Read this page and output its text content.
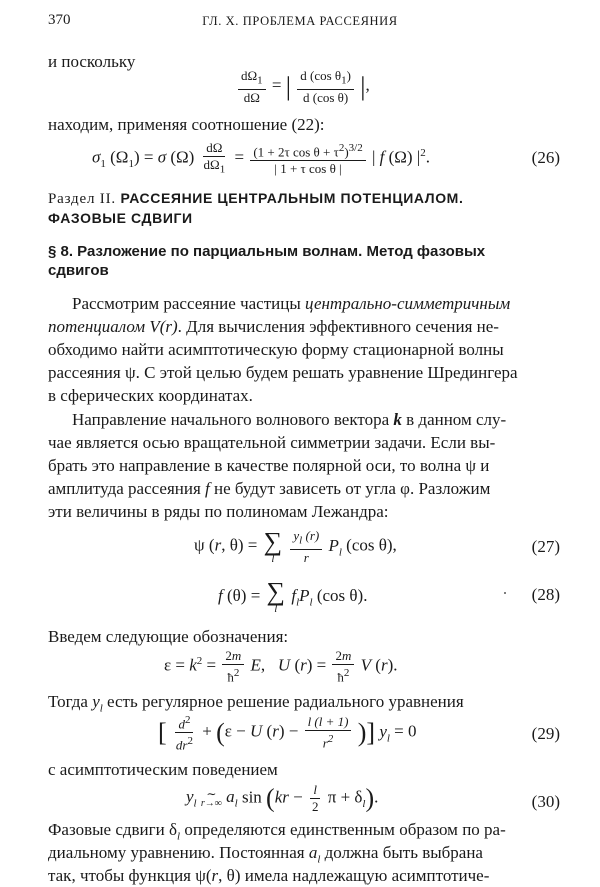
370	ГЛ. X. ПРОБЛЕМА РАССЕЯНИЯ
и поскольку
$\frac{d\Omega_1}{d\Omega}$ = | $\frac{d (\cos \theta_1)}{\text{d (cos θ)}}$ |,
находим, применяя соотношение (22):
$\sigma_1$ $(\Omega_1) = \sigma$ $(\Omega) \frac{d\Omega}{d\Omega_1} = \frac{(1 + 2\tau \cos \theta + \tau^2)^{3/2}}{\text{| 1 + τ cos θ |}}$ | f (Ω) $|^2$.	(26)
Раздел II. РАССЕЯНИЕ ЦЕНТРАЛЬНЫМ ПОТЕНЦИАЛОМ.
ФАЗОВЫЕ СДВИГИ
§ 8. Разложение по парциальным волнам. Метод фазовых
сдвигов
Рассмотрим рассеяние частицы центрально-симметричным
потенциалом V(r). Для вычисления эффективного сечения не-
обходимо найти асимптотическую форму стационарной волны
рассеяния ψ. С этой целью будем решать уравнение Шредингера
в сферических координатах.
Направление начального волнового вектора k в данном слу-
чае является осью вращательной симметрии задачи. Если вы-
брать это направление в качестве полярной оси, то волна ψ и
амплитуда рассеяния f не будут зависеть от угла φ. Разложим
эти величины в ряды по полиномам Лежандра:
ψ (r, θ) = ∑
l
$\frac{y_l (r)}{r} P_l$ (cos θ),	(27)
f (θ) = ∑
l
$f_lP_l$ (cos θ).	(28)
Введем следующие обозначения:
$\varepsilon = k^2 = \frac{2m}{ħ^2} E$,   U $(r) = \frac{2m}{ħ^2}$ V (r).
Тогда $y_l$ есть регулярное решение радиального уравнения
[ $\frac{d^2}{dr^2} + (\varepsilon - U$ $(r) - \frac{l (l + 1)}{r^2}$ )] $y_l = 0$	(29)
с асимптотическим поведением
$y_l$
∼
r→∞ $a_l$ $\sin (kr - \frac{l}{2}$ $\pi + \delta_l$).	(30)
Фазовые сдвиги $\delta_l$ определяются единственным образом по ра-
диальному уравнению. Постоянная $a_l$ должна быть выбрана
так, чтобы функция ψ(r, θ) имела надлежащую асимптотиче-
